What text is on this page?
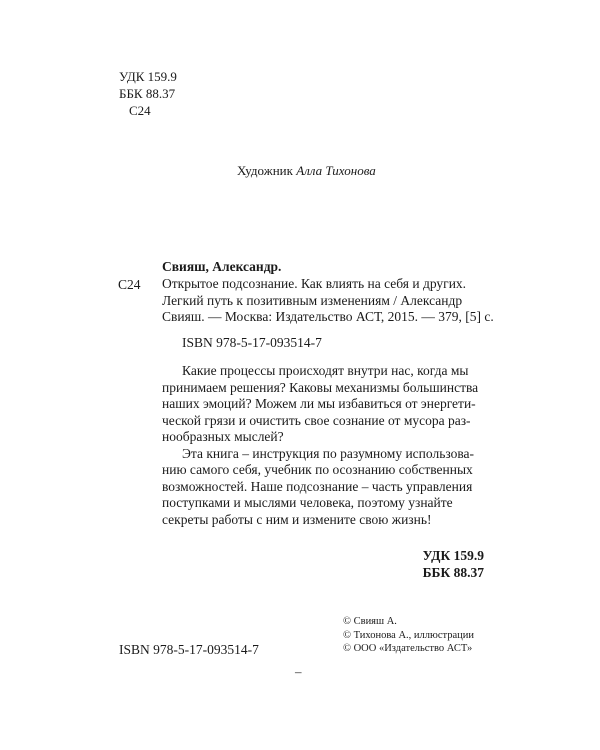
УДК 159.9
ББК 88.37
С24
Художник Алла Тихонова
Свияш, Александр.
С24 Открытое подсознание. Как влиять на себя и других.
Легкий путь к позитивным изменениям / Александр
Свияш. — Москва: Издательство АСТ, 2015. — 379, [5] с.
ISBN 978-5-17-093514-7
Какие процессы происходят внутри нас, когда мы
принимаем решения? Каковы механизмы большинства
наших эмоций? Можем ли мы избавиться от энергети-
ческой грязи и очистить свое сознание от мусора раз-
нообразных мыслей?
Эта книга – инструкция по разумному использова-
нию самого себя, учебник по осознанию собственных
возможностей. Наше подсознание – часть управления
поступками и мыслями человека, поэтому узнайте
секреты работы с ним и измените свою жизнь!
УДК 159.9
ББК 88.37
© Свияш А.
© Тихонова А., иллюстрации
© ООО «Издательство АСТ»
ISBN 978-5-17-093514-7
–
